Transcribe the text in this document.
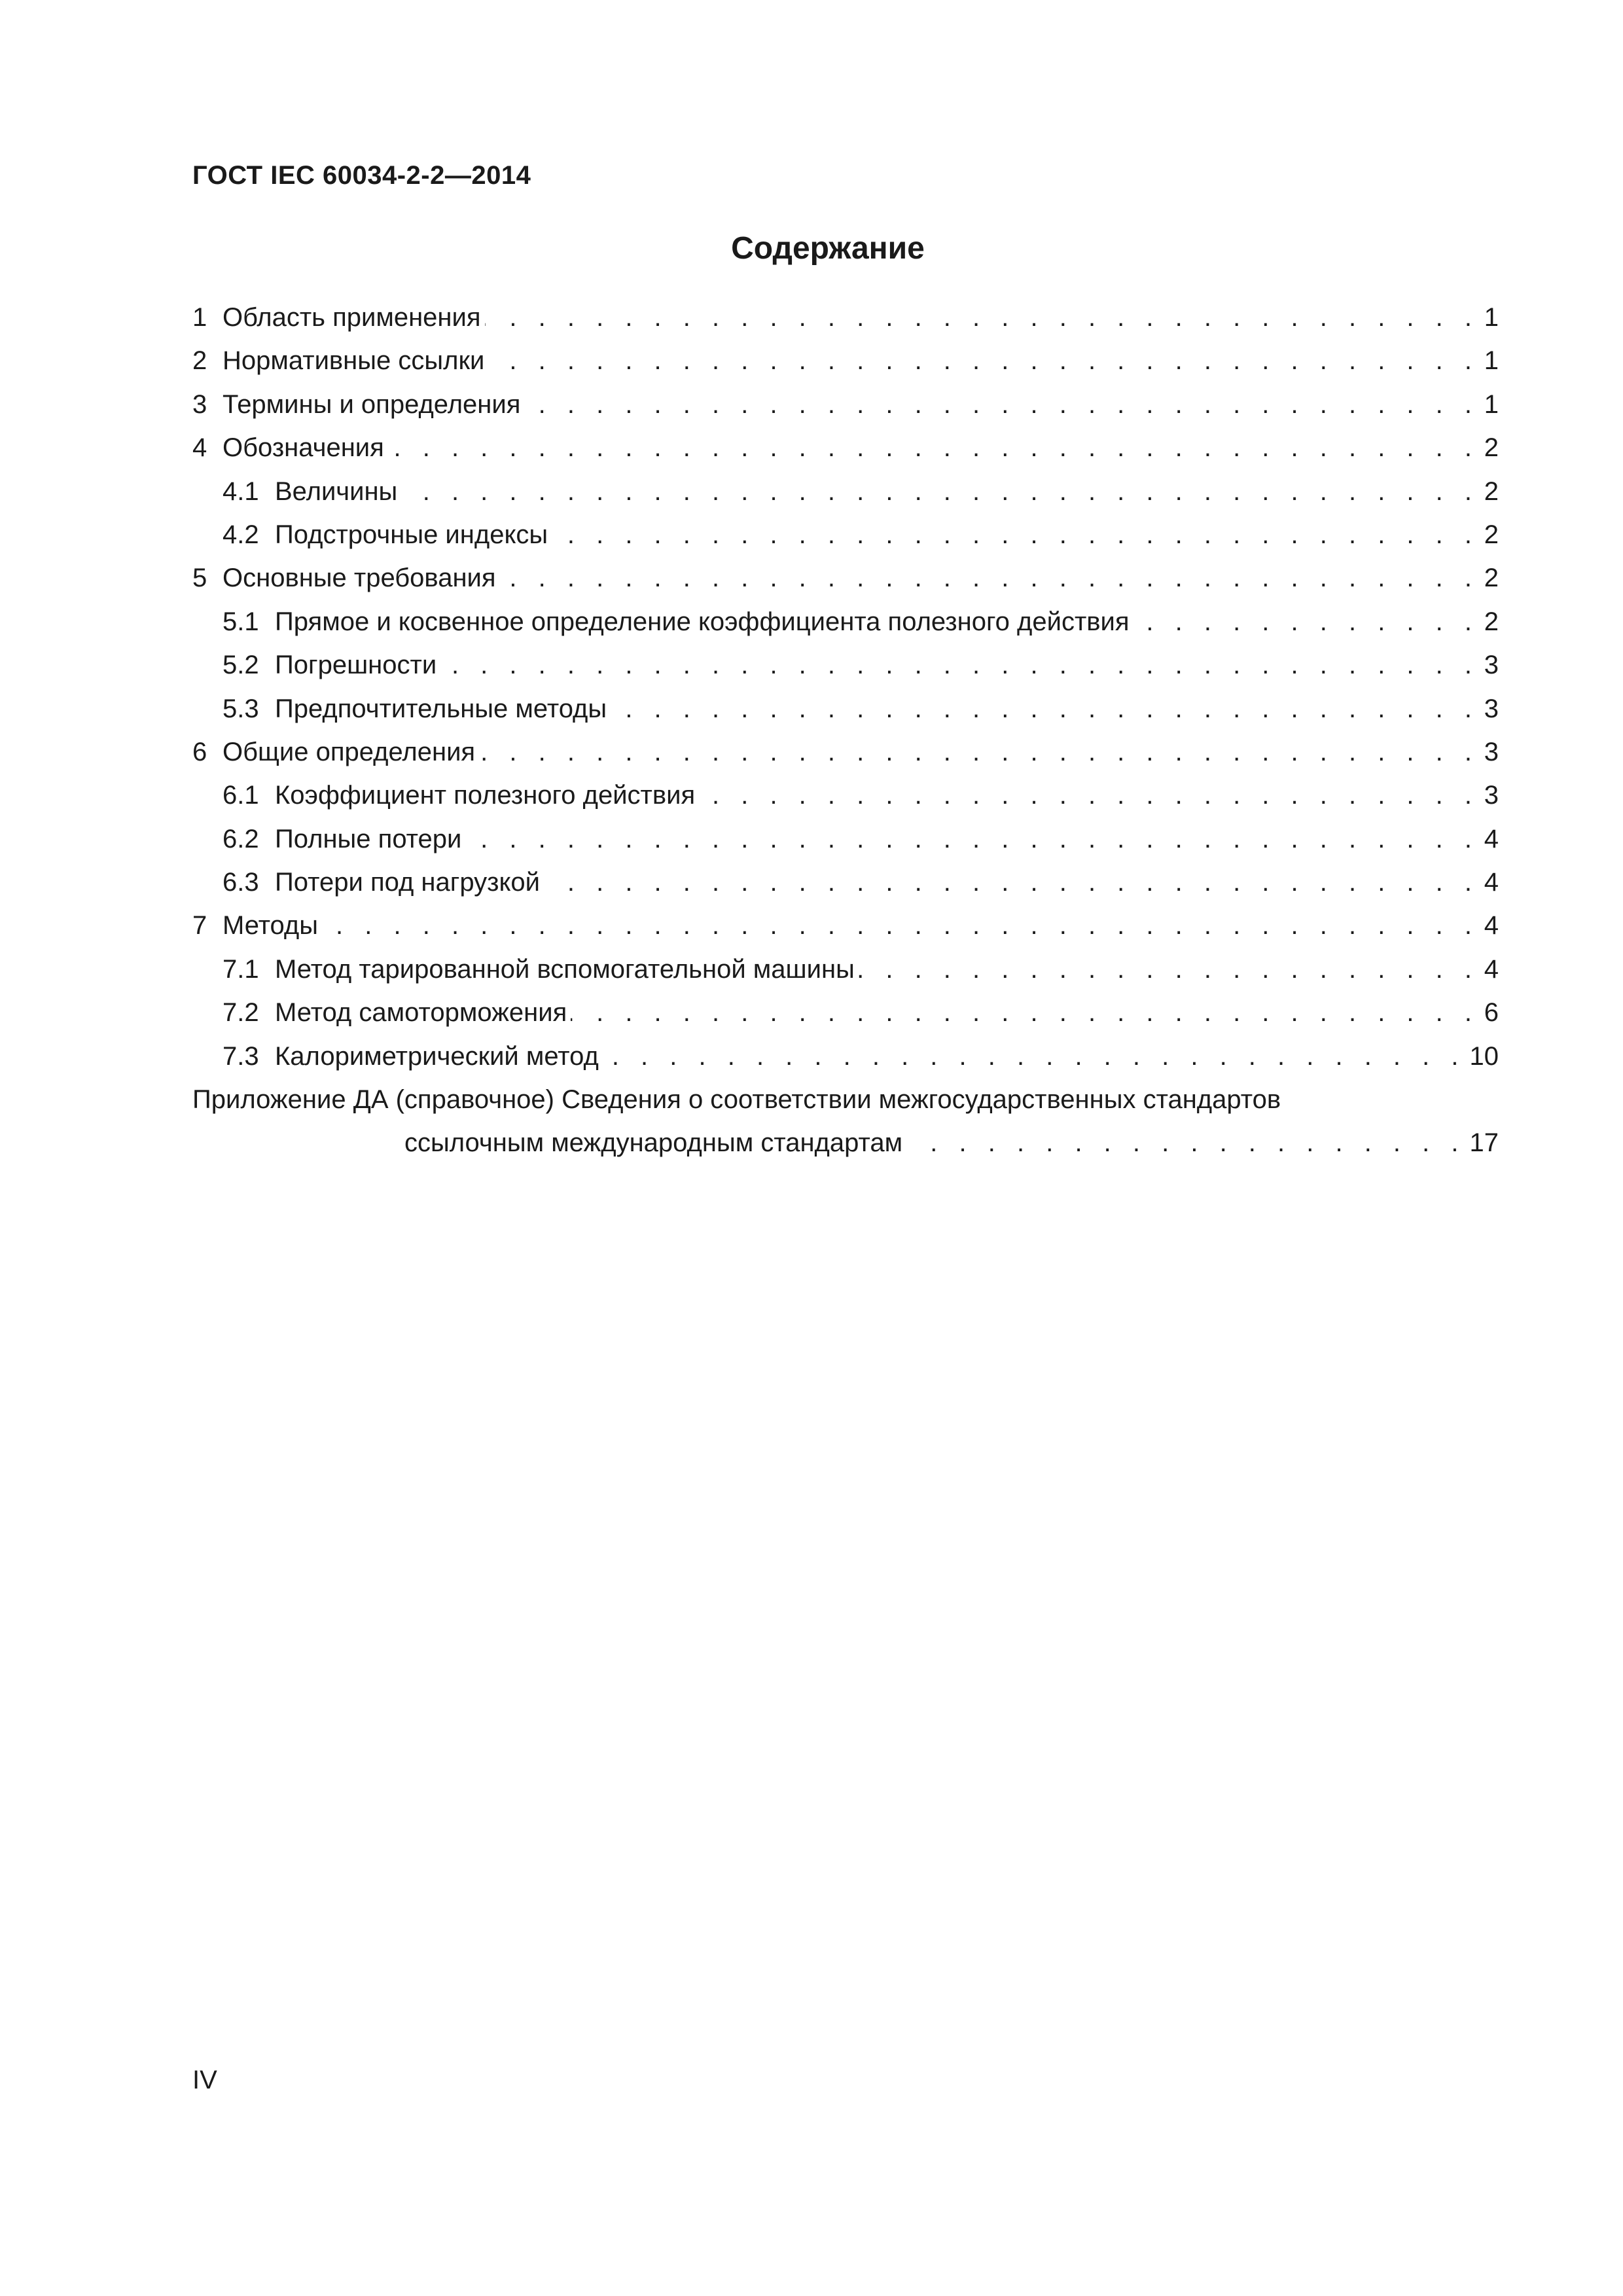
ГОСТ IEC 60034-2-2—2014
Содержание
1 Область применения . . .	1
2 Нормативные ссылки . . .	1
3 Термины и определения . . .	1
4 Обозначения . . .	2
4.1 Величины . . .	2
4.2 Подстрочные индексы . . .	2
5 Основные требования . . .	2
5.1 Прямое и косвенное определение коэффициента полезного действия . . .	2
5.2 Погрешности . . .	3
5.3 Предпочтительные методы . . .	3
6 Общие определения . . .	3
6.1 Коэффициент полезного действия . . .	3
6.2 Полные потери . . .	4
6.3 Потери под нагрузкой . . .	4
7 Методы . . .	4
7.1 Метод тарированной вспомогательной машины . . .	4
7.2 Метод самоторможения . . .	6
7.3 Калориметрический метод . . .	10
Приложение ДА (справочное) Сведения о соответствии межгосударственных стандартов
ссылочным международным стандартам . . .	17
IV
